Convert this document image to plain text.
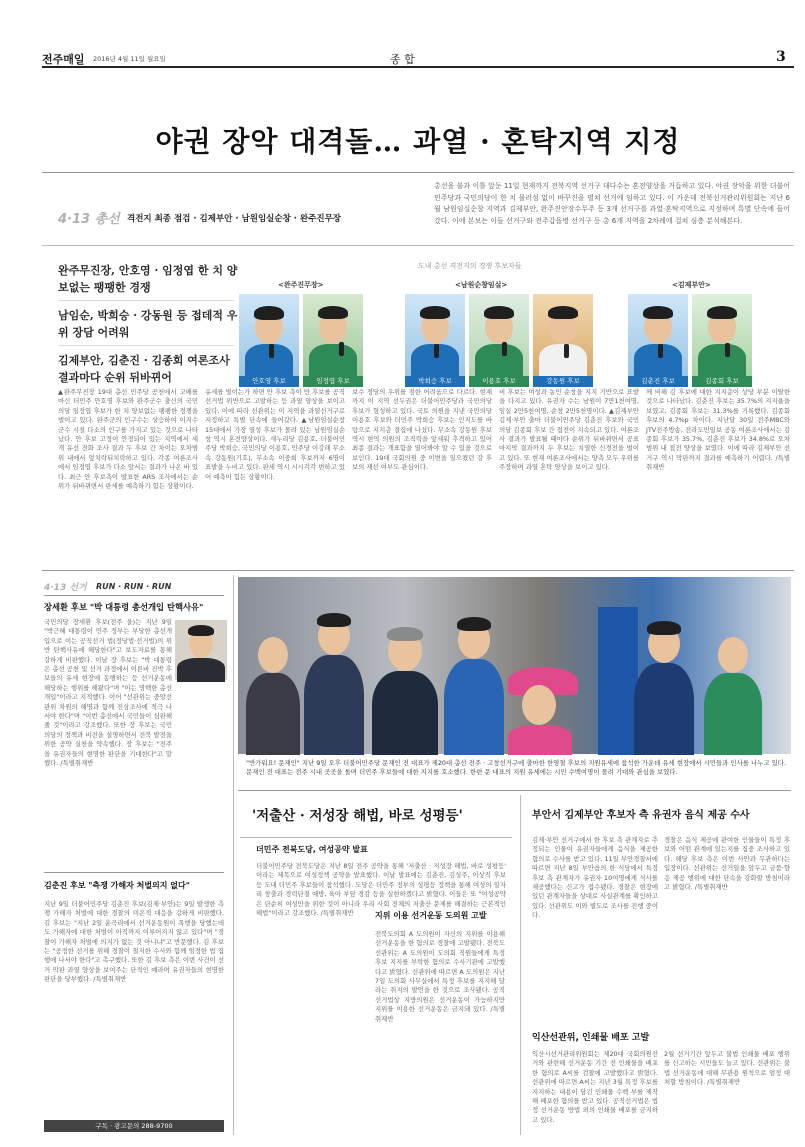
전주매일 2016년 4월 11일 월요일	종 합	3
야권 장악 대격돌… 과열 · 혼탁지역 지정
4·13 총선 격전지 최종 점검 · 김제부안 · 남원임실순창 · 완주진무장
총선을 불과 이틀 앞둔 11일 현재까지 전북지역 선거구 대다수는 혼전양상을 거듭하고 있다. 야권 장악을 위한 더불어민주당과 국민의당이 한 치 물러섬 없이 바꾸진을 펼쳐 선거에 임하고 있다. 이 가운데 전북선거관리위원회는 지난 6월 남원임실순창 지역과 김제부안, 완주진안장수무주 등 3개 선거구를 과열·혼탁지역으로 지정하며 특별 단속에 들어갔다. 이에 본보는 이들 선거구와 전주갑을병 선거구 등 총 6개 지역을 2차례에 걸쳐 심층 분석해본다.
완주무진장, 안호영 · 임정엽 한 치 양보없는 팽팽한 경쟁
남임순, 박희승 · 강동원 등 접데적 우위 장담 어려워
김제부안, 김춘진 · 김종회 여론조사결과마다 순위 뒤바뀌어
도내 총선 격전지의 경쟁 후보자들
<완주진무장>	<남원순창임실>	<김제부안>
안호영 후보	임정엽 후보	박희승 후보	이용호 후보	강동원 후보	김춘진 후보	김종회 후보
▲완주무진장 19대 총선 민주당 공천에서 고배를 마신 더민주 안호영 후보와 완주군수 출신의 국민의당 임정엽 후보가 한 치 양보없는 팽팽한 경쟁을 벌이고 있다. 완주군의 인구수는 상승하여 이지수 군수 시절 다소의 인구를 가지고 있는 것으로 나타났다. 안 후보 고정이 안정되어 있는 지역에서 세 개 유선 전화 조사 결과 두 후보 간 차이는 오차범위 내에서 엎치락뒤치락하고 있다. 각종 여론조사에서 임정엽 후보가 다소 앞서는 결과가 나온 바 있다. 최근 안 후보측이 발표한 ARS 조사에서는 순위가 뒤바뀌면서 판세를 예측하기 힘든 상황이다.
유세를 벌이는가 하면 안 후보 측이 만 후보를 공직선거법 위반으로 고발하는 등 과열 양상을 보이고 있다. 이에 따라 선관위는 이 지역을 과열선거구로 지정하고 특별 단속에 들어갔다. ▲남원임실순창 15대에서 가장 열성 후보가 몰려 있는 남원임실순창 역시 혼전양상이다. 새누리당 김용호, 더불어민주당 박희승, 국민의당 이용호, 민주당 이강래 무소속 강동원(기호), 무소속 이중희 후보까지 6명이 표밭을 누비고 있다. 판세 역시 시시각각 변하고 있어 예측이 힘든 상황이다.
보수 정당의 우위를 점한 어려움으로 다르다. 현재까지 이 지역 선두권은 더불어민주당과 국민의당 후보가 형성하고 있다. 국토 의원을 지낸 국민의당 이용호 후보와 더민주 박희승 후보는 인지도를 바탕으로 지지층 결집에 나섰다. 무소속 강동원 후보 역시 현역 의원의 조직력을 앞세워 추격하고 있어 최종 결과는 개표함을 열어봐야 알 수 있을 것으로 보인다. 19대 국회의원 중 이변을 일으켰던 강 후보의 재선 여부도 관심이다.
비 후보는 여성과 농민 순창을 지지 기반으로 표밭을 다지고 있다. 유권자 수는 남원이 7만1천여명, 임실 2만5천여명, 순창 2만5천명이다. ▲김제부안 김제·부안 출마 더불어민주당 김춘진 후보와 국민의당 김종회 후보 간 접전이 지속되고 있다. 여론조사 결과가 발표될 때마다 순위가 뒤바뀌면서 공표 마지막 결과까지 두 후보는 치열한 신경전을 벌이고 있다. 또 현재 여론조사에서는 양측 모두 우위를 주장하며 과열 혼탁 양상을 보이고 있다.
께 비해 김 후보에 대한 지지층이 상당 부분 이탈한 것으로 나타났다. 김춘진 후보는 35.7%의 지지율을 보였고, 김종회 후보는 31.3%를 기록했다. 김종회 후보의 4.7%p 차이다. 지난달 30일 전주MBC와 JTV전주방송, 전라도민일보 공동 여론조사에서는 김종회 후보가 35.7%, 김춘진 후보가 34.8%로 오차범위 내 접전 양상을 보였다. 이에 따라 김제부안 선거구 역시 막판까지 결과를 예측하기 어렵다. /특별취재반
4·13 선거 RUN · RUN · RUN
장세환 후보 "박 대통령 총선개입 탄핵사유"
국민의당 장세환 후보(전주 을)는 지난 9일 "박근혜 대통령이 민주 정부는 부당한 총선개입으로 이는 공직선거 법(정당법·선거법)의 위반 탄핵사유에 해당한다"고 보도자료를 통해 강하게 비판했다. 이날 장 후보는 "박 대통령은 총선 공천 및 선거 과정에서 이른바 진박 후보들의 유세 현장에 동행하는 등 선거운동에 해당하는 행위를 해왔다"며 "이는 명백한 총선 개입"이라고 지적했다. 이어 "선관위는 중앙선관위 차원의 해명과 함께 진상조사에 적극 나서야 한다"며 "이번 총선에서 국민들이 심판해줄 것"이라고 강조했다. 또한 장 후보는 국민의당의 정책과 비전을 설명하면서 전북 발전을 위한 공약 실천을 약속했다. 장 후보는 "전주을 유권자들의 현명한 판단을 기대한다"고 말했다. /특별취재반
김춘진 후보 "측쟁 가해자 처벌의지 없다"
지난 9일 더불어민주당 김춘진 후보(김제·부안)는 9일 발생한 측쟁 가해자 처벌에 대한 경찰의 미온적 대응을 강하게 비판했다. 김 후보는 "지난 2일 운곡리에서 선거운동원이 폭행을 당했는데도 가해자에 대한 처벌이 아직까지 이루어지지 않고 있다"며 "경찰이 가해자 처벌에 의지가 없는 것 아니냐"고 반문했다. 김 후보는 "공정한 선거를 위해 경찰이 철저한 수사와 함께 엄정한 법 집행에 나서야 한다"고 촉구했다. 또한 김 후보 측은 이번 사건이 선거 막판 과열 양상을 보여주는 단적인 예라며 유권자들의 현명한 판단을 당부했다. /특별취재반
구독 · 광고문의 288-9700
"반가워요! 문재인" 지난 9일 오후 더불어민주당 문재인 전 대표가 제20대 총선 전주 · 고창선거구에 출마한 한영철 후보의 지원유세에 참석한 가운데 유세 현장에서 시민들과 인사를 나누고 있다. 문재인 전 대표는 전주 시내 곳곳을 돌며 더민주 후보들에 대한 지지를 호소했다. 한편 문 대표의 지원 유세에는 시민 수백여명이 몰려 기대와 관심을 보였다.
'저출산 · 저성장 해법, 바로 성평등'
더민주 전북도당, 여성공약 발표
더불어민주당 전북도당은 지난 8일 전주 공약을 통해 '저출산 · 저성장 해법, 바로 성평등' 이라는 제목으로 여성정책 공약을 발표했다. 이날 발표에는 김춘진, 김성주, 이상직 후보 등 도내 더민주 후보들이 참석했다. 도당은 더민주 정부의 성평등 정책을 통해 여성의 일자리 창출과 경력단절 예방, 육아 부담 경감 등을 실현하겠다고 밝혔다. 이들은 또 "여성공약은 단순히 여성만을 위한 것이 아니라 우리 사회 전체의 저출산 문제를 해결하는 근본적인 해법"이라고 강조했다. /특별취재반	지위 이용 선거운동 도의원 고발
전북도의회 A 도의원이 자신의 지위를 이용해 선거운동을 한 혐의로 경찰에 고발됐다. 전북도선관위는 A 도의원이 도의회 직원들에게 특정 후보 지지를 부탁한 혐의로 수사기관에 고발했다고 밝혔다. 선관위에 따르면 A 도의원은 지난 7일 도의회 사무실에서 특정 후보를 지지해 달라는 취지의 발언을 한 것으로 조사됐다. 공직선거법상 지방의원은 선거운동이 가능하지만 지위를 이용한 선거운동은 금지돼 있다. /특별취재반
부안서 김제부안 후보자 측 유권자 음식 제공 수사
김제·부안 선거구에서 한 후보 측 관계자로 추정되는 인물이 유권자들에게 음식을 제공한 혐의로 수사를 받고 있다. 11일 부안경찰서에 따르면 지난 8일 부안읍의 한 식당에서 특정 후보 측 관계자가 유권자 10여명에게 식사를 제공했다는 신고가 접수됐다. 경찰은 현장에 있던 관계자들을 상대로 사실관계를 확인하고 있다. 선관위도 이와 별도로 조사를 진행 중이다.
경찰은 음식 제공에 관여한 인물들이 특정 후보와 어떤 관계에 있는지를 집중 조사하고 있다. 해당 후보 측은 이번 사안과 무관하다는 입장이다. 선관위는 선거일을 앞두고 금품·향응 제공 행위에 대한 단속을 강화할 방침이라고 밝혔다. /특별취재반
익산선관위, 인쇄물 배포 고발
익산시선거관리위원회는 제20대 국회의원선거와 관련해 선거운동 기간 전 인쇄물을 배포한 혐의로 A씨를 검찰에 고발했다고 밝혔다. 선관위에 따르면 A씨는 지난 3월 특정 후보를 지지하는 내용이 담긴 인쇄물 수백 부를 제작해 배포한 혐의를 받고 있다. 공직선거법은 법정 선거운동 방법 외의 인쇄물 배포를 금지하고 있다.
2월 선거기간 앞두고 불법 인쇄물 배포 행위를 신고하는 시민들도 늘고 있다. 선관위는 불법 선거운동에 대해 무관용 원칙으로 엄정 대처할 방침이다. /특별취재반
